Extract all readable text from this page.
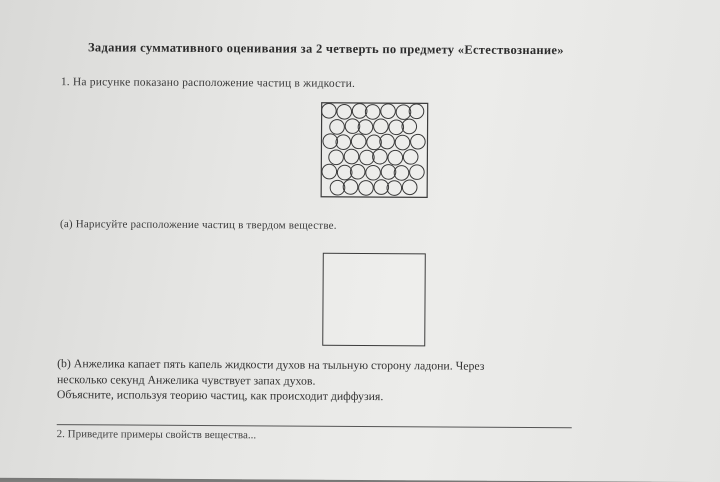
Задания суммативного оценивания за 2 четверть по предмету «Естествознание»
1. На рисунке показано расположение частиц в жидкости.
(a) Нарисуйте расположение частиц в твердом веществе.
(b) Анжелика капает пять капель жидкости духов на тыльную сторону ладони. Через
несколько секунд Анжелика чувствует запах духов.
Объясните, используя теорию частиц, как происходит диффузия.
2. Приведите примеры свойств вещества...
